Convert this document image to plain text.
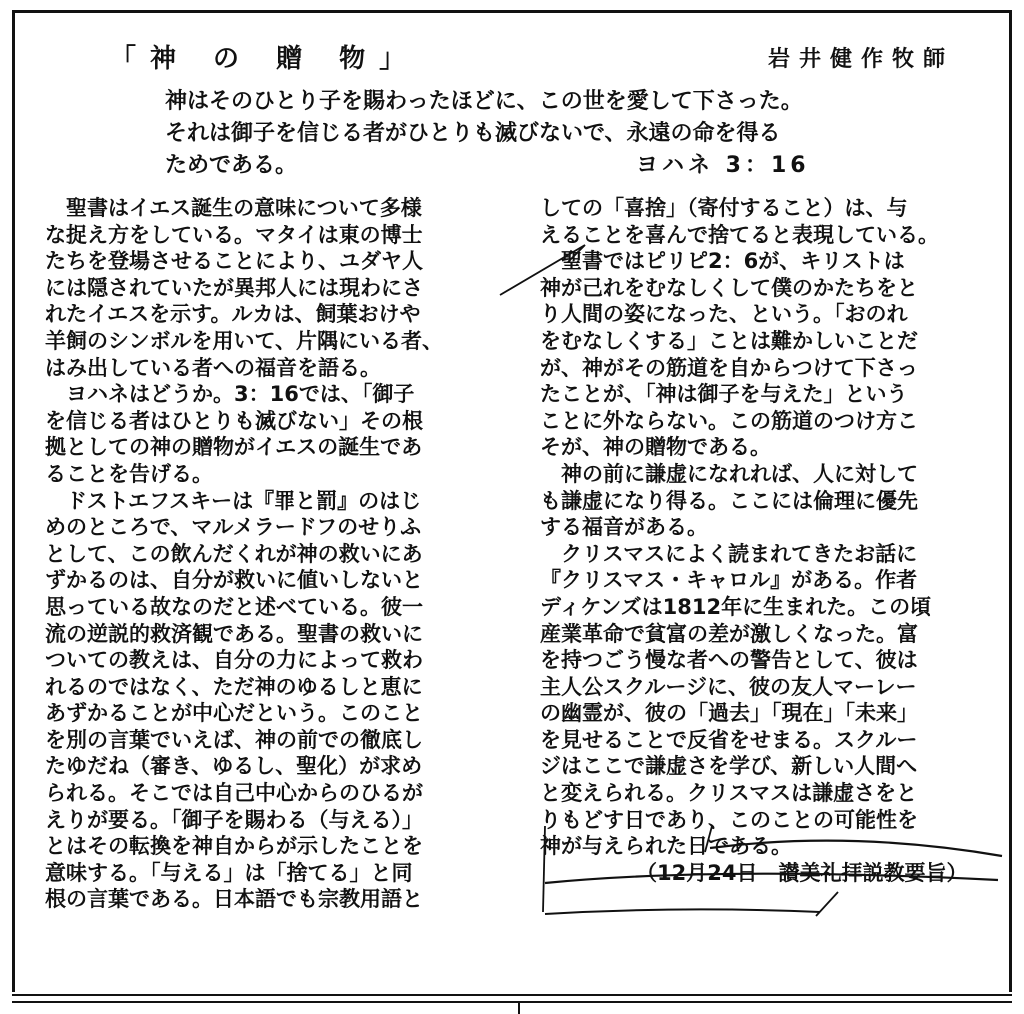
「神 の 贈 物」	岩井健作牧師
神はそのひとり子を賜わったほどに、この世を愛して下さった。
それは御子を信じる者がひとりも滅びないで、永遠の命を得る
ためである。	ヨハネ 3：16
　聖書はイエス誕生の意味について多様
な捉え方をしている。マタイは東の博士
たちを登場させることにより、ユダヤ人
には隠されていたが異邦人には現わにさ
れたイエスを示す。ルカは、飼葉おけや
羊飼のシンボルを用いて、片隅にいる者、
はみ出している者への福音を語る。
　ヨハネはどうか。3：16では、「御子
を信じる者はひとりも滅びない」その根
拠としての神の贈物がイエスの誕生であ
ることを告げる。
　ドストエフスキーは『罪と罰』のはじ
めのところで、マルメラードフのせりふ
として、この飲んだくれが神の救いにあ
ずかるのは、自分が救いに値いしないと
思っている故なのだと述べている。彼一
流の逆説的救済観である。聖書の救いに
ついての教えは、自分の力によって救わ
れるのではなく、ただ神のゆるしと恵に
あずかることが中心だという。このこと
を別の言葉でいえば、神の前での徹底し
たゆだね（審き、ゆるし、聖化）が求め
られる。そこでは自己中心からのひるが
えりが要る。「御子を賜わる（与える）」
とはその転換を神自からが示したことを
意味する。「与える」は「捨てる」と同
根の言葉である。日本語でも宗教用語と
しての「喜捨」（寄付すること）は、与
えることを喜んで捨てると表現している。
　聖書ではピリピ2：6が、キリストは
神が己れをむなしくして僕のかたちをと
り人間の姿になった、という。「おのれ
をむなしくする」ことは難かしいことだ
が、神がその筋道を自からつけて下さっ
たことが、「神は御子を与えた」という
ことに外ならない。この筋道のつけ方こ
そが、神の贈物である。
　神の前に謙虚になれれば、人に対して
も謙虚になり得る。ここには倫理に優先
する福音がある。
　クリスマスによく読まれてきたお話に
『クリスマス・キャロル』がある。作者
ディケンズは1812年に生まれた。この頃
産業革命で貧富の差が激しくなった。富
を持つごう慢な者への警告として、彼は
主人公スクルージに、彼の友人マーレー
の幽霊が、彼の「過去」「現在」「未来」
を見せることで反省をせまる。スクルー
ジはここで謙虚さを学び、新しい人間へ
と変えられる。クリスマスは謙虚さをと
りもどす日であり、このことの可能性を
神が与えられた日である。
（12月24日　讃美礼拝説教要旨）
